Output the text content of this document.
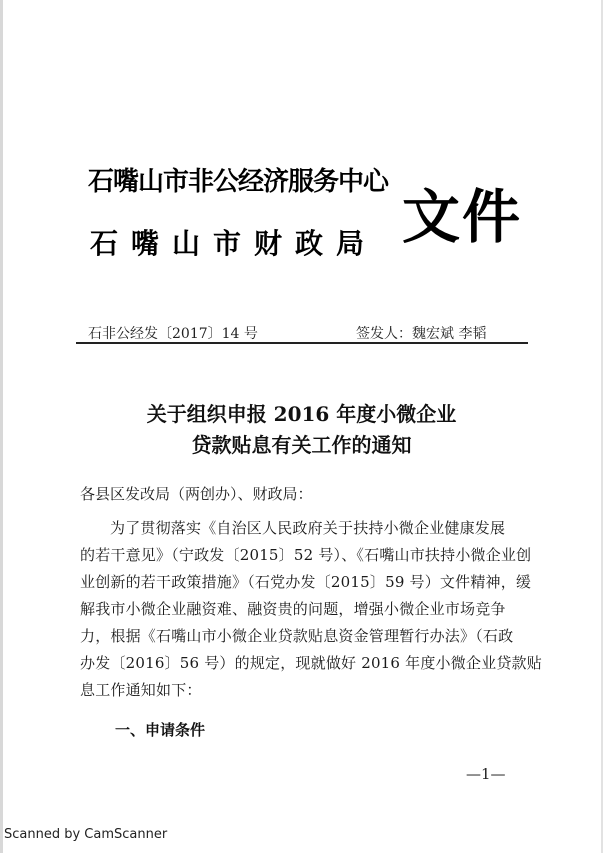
石嘴山市非公经济服务中心
石嘴山市财政局 文件
石非公经发〔2017〕14 号	签发人：魏宏斌 李韬
关于组织申报 2016 年度小微企业
贷款贴息有关工作的通知
各县区发改局（两创办）、财政局：

为了贯彻落实《自治区人民政府关于扶持小微企业健康发展

的若干意见》（宁政发〔2015〕52 号）、《石嘴山市扶持小微企业创

业创新的若干政策措施》（石党办发〔2015〕59 号）文件精神，缓

解我市小微企业融资难、融资贵的问题，增强小微企业市场竞争

力，根据《石嘴山市小微企业贷款贴息资金管理暂行办法》（石政

办发〔2016〕56 号）的规定，现就做好 2016 年度小微企业贷款贴

息工作通知如下：

一、申请条件
—1—
Scanned by CamScanner
